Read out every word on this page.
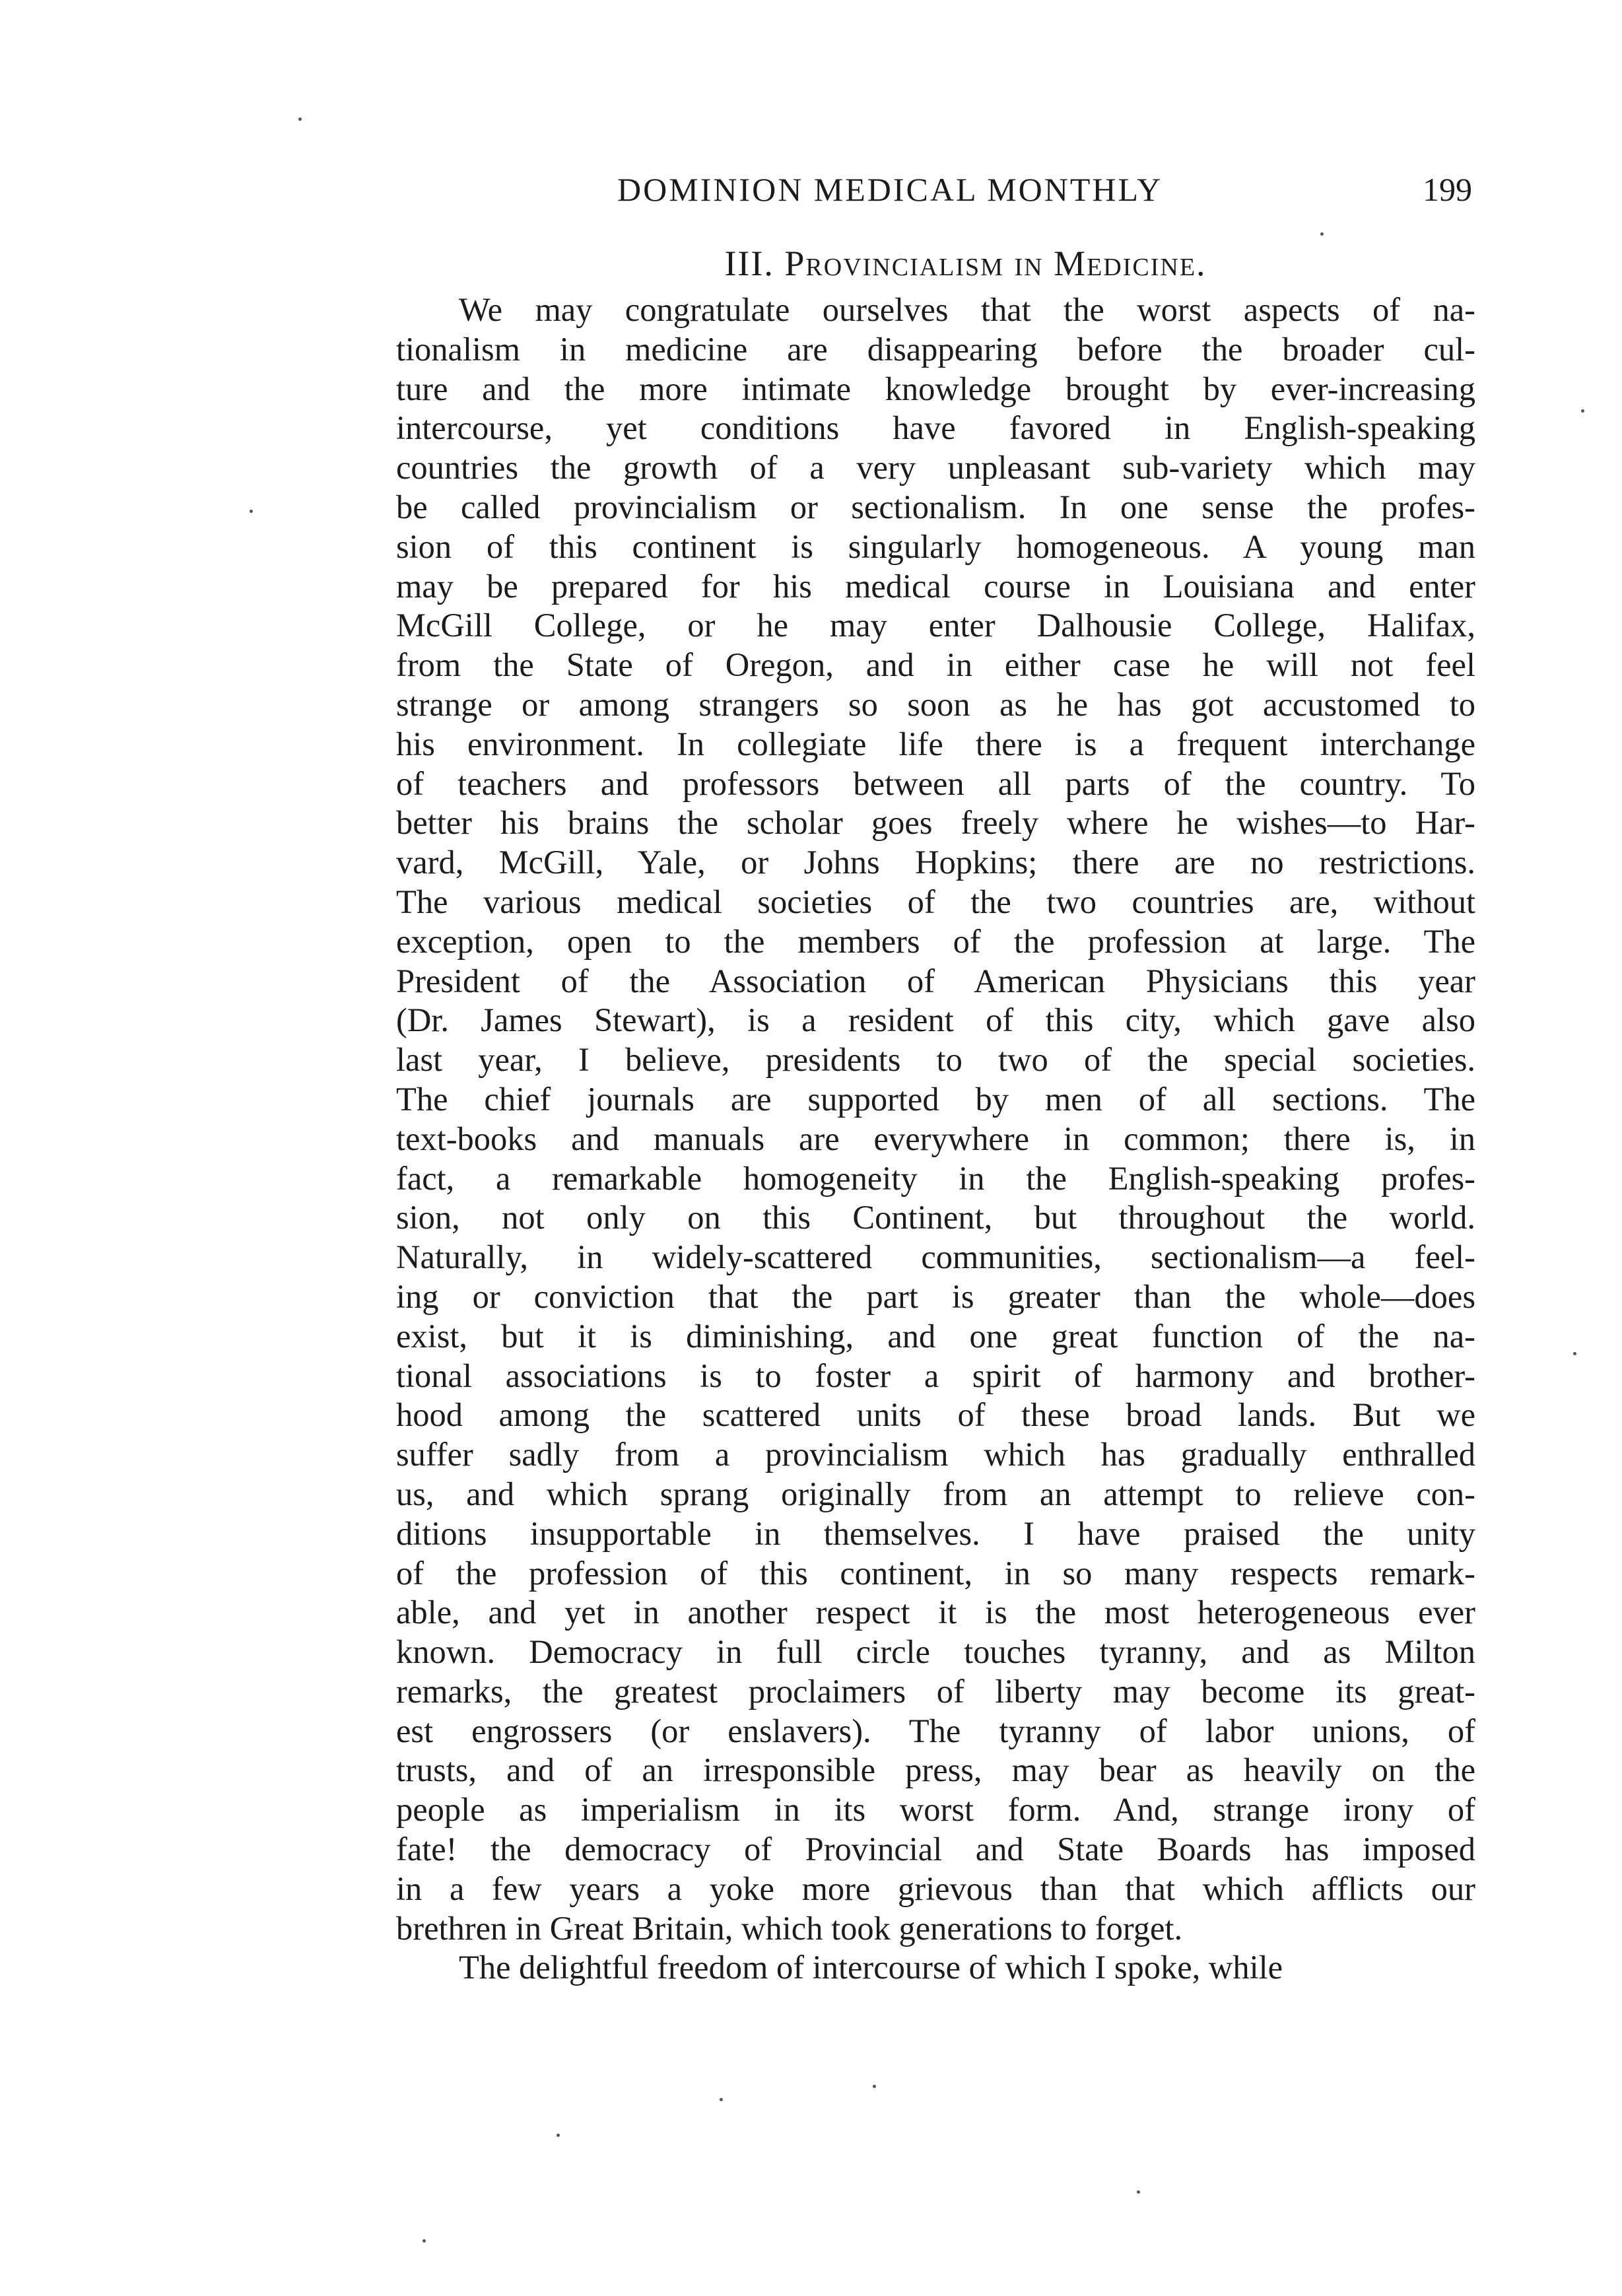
DOMINION MEDICAL MONTHLY	199
III. Provincialism in Medicine.
We may congratulate ourselves that the worst aspects of na-
tionalism in medicine are disappearing before the broader cul-
ture and the more intimate knowledge brought by ever-increasing
intercourse, yet conditions have favored in English-speaking
countries the growth of a very unpleasant sub-variety which may
be called provincialism or sectionalism. In one sense the profes-
sion of this continent is singularly homogeneous. A young man
may be prepared for his medical course in Louisiana and enter
McGill College, or he may enter Dalhousie College, Halifax,
from the State of Oregon, and in either case he will not feel
strange or among strangers so soon as he has got accustomed to
his environment. In collegiate life there is a frequent interchange
of teachers and professors between all parts of the country. To
better his brains the scholar goes freely where he wishes—to Har-
vard, McGill, Yale, or Johns Hopkins; there are no restrictions.
The various medical societies of the two countries are, without
exception, open to the members of the profession at large. The
President of the Association of American Physicians this year
(Dr. James Stewart), is a resident of this city, which gave also
last year, I believe, presidents to two of the special societies.
The chief journals are supported by men of all sections. The
text-books and manuals are everywhere in common; there is, in
fact, a remarkable homogeneity in the English-speaking profes-
sion, not only on this Continent, but throughout the world.
Naturally, in widely-scattered communities, sectionalism—a feel-
ing or conviction that the part is greater than the whole—does
exist, but it is diminishing, and one great function of the na-
tional associations is to foster a spirit of harmony and brother-
hood among the scattered units of these broad lands. But we
suffer sadly from a provincialism which has gradually enthralled
us, and which sprang originally from an attempt to relieve con-
ditions insupportable in themselves. I have praised the unity
of the profession of this continent, in so many respects remark-
able, and yet in another respect it is the most heterogeneous ever
known. Democracy in full circle touches tyranny, and as Milton
remarks, the greatest proclaimers of liberty may become its great-
est engrossers (or enslavers). The tyranny of labor unions, of
trusts, and of an irresponsible press, may bear as heavily on the
people as imperialism in its worst form. And, strange irony of
fate! the democracy of Provincial and State Boards has imposed
in a few years a yoke more grievous than that which afflicts our
brethren in Great Britain, which took generations to forget.
The delightful freedom of intercourse of which I spoke, while
